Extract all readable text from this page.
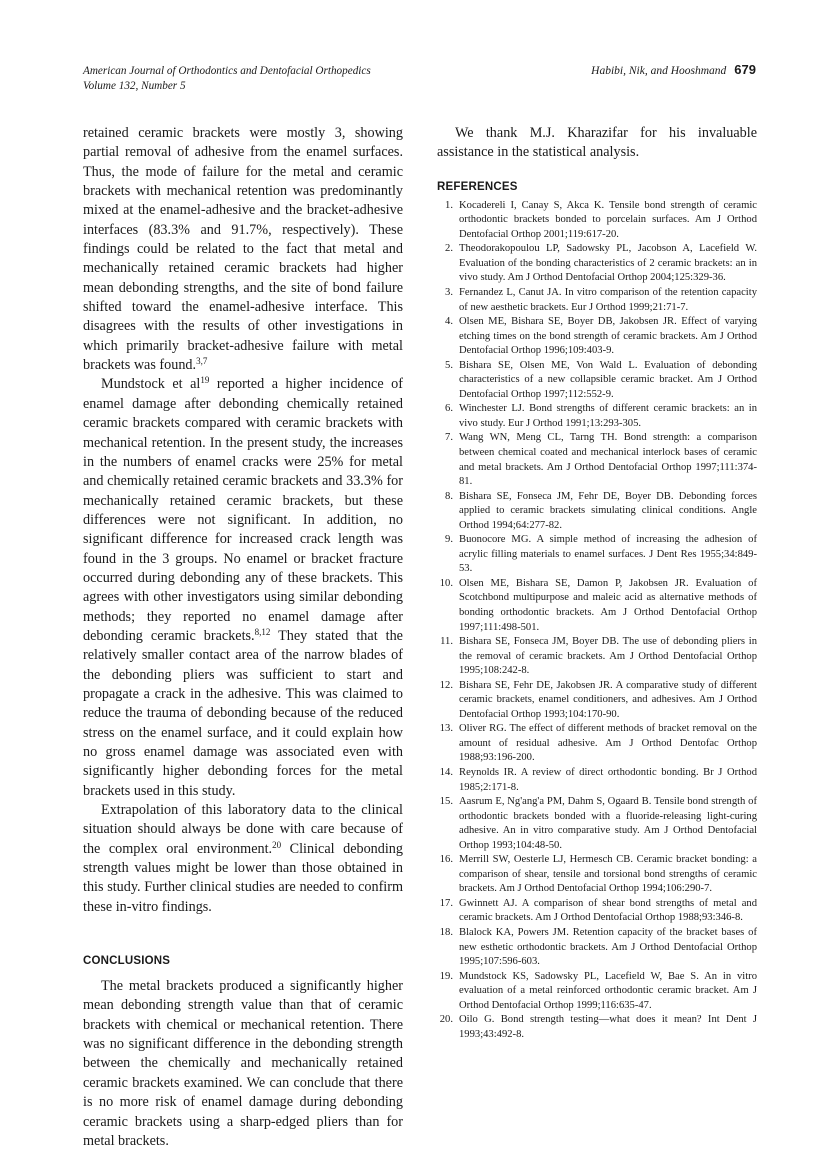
American Journal of Orthodontics and Dentofacial Orthopedics
Volume 132, Number 5
Habibi, Nik, and Hooshmand 679

retained ceramic brackets were mostly 3, showing partial removal of adhesive from the enamel surfaces. Thus, the mode of failure for the metal and ceramic brackets with mechanical retention was predominantly mixed at the enamel-adhesive and the bracket-adhesive interfaces (83.3% and 91.7%, respectively). These findings could be related to the fact that metal and mechanically retained ceramic brackets had higher mean debonding strengths, and the site of bond failure shifted toward the enamel-adhesive interface. This disagrees with the results of other investigations in which primarily bracket-adhesive failure with metal brackets was found.$^{3,7}$

Mundstock et $al^{19}$ reported a higher incidence of enamel damage after debonding chemically retained ceramic brackets compared with ceramic brackets with mechanical retention. In the present study, the increases in the numbers of enamel cracks were 25% for metal and chemically retained ceramic brackets and 33.3% for mechanically retained ceramic brackets, but these differences were not significant. In addition, no significant difference for increased crack length was found in the 3 groups. No enamel or bracket fracture occurred during debonding any of these brackets. This agrees with other investigators using similar debonding methods; they reported no enamel damage after debonding ceramic brackets.$^{8,12}$ They stated that the relatively smaller contact area of the narrow blades of the debonding pliers was sufficient to start and propagate a crack in the adhesive. This was claimed to reduce the trauma of debonding because of the reduced stress on the enamel surface, and it could explain how no gross enamel damage was associated even with significantly higher debonding forces for the metal brackets used in this study.

Extrapolation of this laboratory data to the clinical situation should always be done with care because of the complex oral environment.$^{20}$ Clinical debonding strength values might be lower than those obtained in this study. Further clinical studies are needed to confirm these in-vitro findings.

CONCLUSIONS

The metal brackets produced a significantly higher mean debonding strength value than that of ceramic brackets with chemical or mechanical retention. There was no significant difference in the debonding strength between the chemically and mechanically retained ceramic brackets examined. We can conclude that there is no more risk of enamel damage during debonding ceramic brackets using a sharp-edged pliers than for metal brackets.

We thank M.J. Kharazifar for his invaluable assistance in the statistical analysis.

REFERENCES
1. Kocadereli I, Canay S, Akca K. Tensile bond strength of ceramic orthodontic brackets bonded to porcelain surfaces. Am J Orthod Dentofacial Orthop 2001;119:617-20.
2. Theodorakopoulou LP, Sadowsky PL, Jacobson A, Lacefield W. Evaluation of the bonding characteristics of 2 ceramic brackets: an in vivo study. Am J Orthod Dentofacial Orthop 2004;125:329-36.
3. Fernandez L, Canut JA. In vitro comparison of the retention capacity of new aesthetic brackets. Eur J Orthod 1999;21:71-7.
4. Olsen ME, Bishara SE, Boyer DB, Jakobsen JR. Effect of varying etching times on the bond strength of ceramic brackets. Am J Orthod Dentofacial Orthop 1996;109:403-9.
5. Bishara SE, Olsen ME, Von Wald L. Evaluation of debonding characteristics of a new collapsible ceramic bracket. Am J Orthod Dentofacial Orthop 1997;112:552-9.
6. Winchester LJ. Bond strengths of different ceramic brackets: an in vivo study. Eur J Orthod 1991;13:293-305.
7. Wang WN, Meng CL, Tarng TH. Bond strength: a comparison between chemical coated and mechanical interlock bases of ceramic and metal brackets. Am J Orthod Dentofacial Orthop 1997;111:374-81.
8. Bishara SE, Fonseca JM, Fehr DE, Boyer DB. Debonding forces applied to ceramic brackets simulating clinical conditions. Angle Orthod 1994;64:277-82.
9. Buonocore MG. A simple method of increasing the adhesion of acrylic filling materials to enamel surfaces. J Dent Res 1955;34:849-53.
10. Olsen ME, Bishara SE, Damon P, Jakobsen JR. Evaluation of Scotchbond multipurpose and maleic acid as alternative methods of bonding orthodontic brackets. Am J Orthod Dentofacial Orthop 1997;111:498-501.
11. Bishara SE, Fonseca JM, Boyer DB. The use of debonding pliers in the removal of ceramic brackets. Am J Orthod Dentofacial Orthop 1995;108:242-8.
12. Bishara SE, Fehr DE, Jakobsen JR. A comparative study of different ceramic brackets, enamel conditioners, and adhesives. Am J Orthod Dentofacial Orthop 1993;104:170-90.
13. Oliver RG. The effect of different methods of bracket removal on the amount of residual adhesive. Am J Orthod Dentofac Orthop 1988;93:196-200.
14. Reynolds IR. A review of direct orthodontic bonding. Br J Orthod 1985;2:171-8.
15. Aasrum E, Ng'ang'a PM, Dahm S, Ogaard B. Tensile bond strength of orthodontic brackets bonded with a fluoride-releasing light-curing adhesive. An in vitro comparative study. Am J Orthod Dentofacial Orthop 1993;104:48-50.
16. Merrill SW, Oesterle LJ, Hermesch CB. Ceramic bracket bonding: a comparison of shear, tensile and torsional bond strengths of ceramic brackets. Am J Orthod Dentofacial Orthop 1994;106:290-7.
17. Gwinnett AJ. A comparison of shear bond strengths of metal and ceramic brackets. Am J Orthod Dentofacial Orthop 1988;93:346-8.
18. Blalock KA, Powers JM. Retention capacity of the bracket bases of new esthetic orthodontic brackets. Am J Orthod Dentofacial Orthop 1995;107:596-603.
19. Mundstock KS, Sadowsky PL, Lacefield W, Bae S. An in vitro evaluation of a metal reinforced orthodontic ceramic bracket. Am J Orthod Dentofacial Orthop 1999;116:635-47.
20. Oilo G. Bond strength testing—what does it mean? Int Dent J 1993;43:492-8.
